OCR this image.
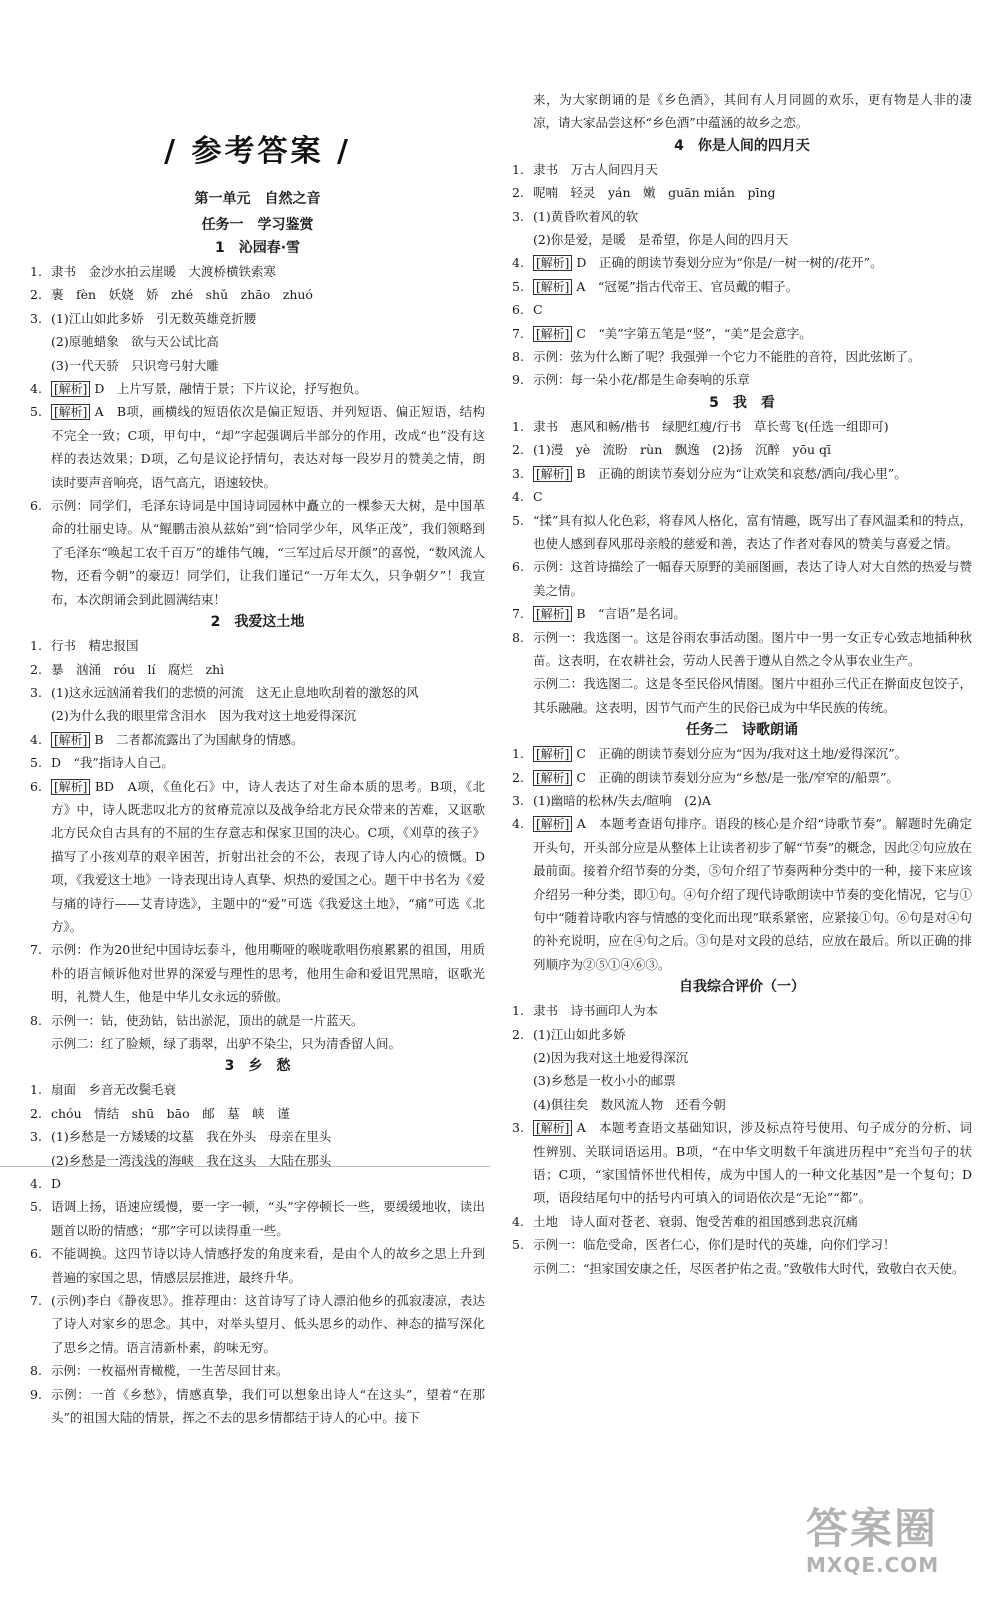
/ 参考答案 /
第一单元　自然之音
任务一　学习鉴赏
1　沁园春·雪
1. 隶书　金沙水拍云崖暖　大渡桥横铁索寒
2. 裹　fèn　妖娆　娇　zhé　shǔ　zhāo　zhuó
3. (1)江山如此多娇　引无数英雄竞折腰
(2)原驰蜡象　欲与天公试比高
(3)一代天骄　只识弯弓射大雕
4.	[解析] D　上片写景，融情于景；下片议论，抒写抱负。
5.	[解析] A　B项，画横线的短语依次是偏正短语、并列短语、偏正短语，结构不完全一致；C项，甲句中，“却”字起强调后半部分的作用，改成“也”没有这样的表达效果；D项，乙句是议论抒情句，表达对每一段岁月的赞美之情，朗读时要声音响亮，语气高亢，语速较快。
6. 示例：同学们，毛泽东诗词是中国诗词园林中矗立的一棵参天大树，是中国革命的壮丽史诗。从“鲲鹏击浪从兹始”到“恰同学少年，风华正茂”，我们领略到了毛泽东“唤起工农千百万”的雄伟气魄，“三军过后尽开颜”的喜悦，“数风流人物，还看今朝”的豪迈！同学们，让我们谨记“一万年太久，只争朝夕”！我宣布，本次朗诵会到此圆满结束！
2　我爱这土地
1. 行书　精忠报国
2. 暴　汹涌　róu　lí　腐烂　zhì
3. (1)这永远汹涌着我们的悲愤的河流　这无止息地吹刮着的激怒的风
(2)为什么我的眼里常含泪水　因为我对这土地爱得深沉
4.	[解析] B　二者都流露出了为国献身的情感。
5. D　“我”指诗人自己。
6.	[解析] BD　A项，《鱼化石》中，诗人表达了对生命本质的思考。B项，《北方》中，诗人既悲叹北方的贫瘠荒凉以及战争给北方民众带来的苦难，又讴歌北方民众自古具有的不屈的生存意志和保家卫国的决心。C项，《刈草的孩子》描写了小孩刈草的艰辛困苦，折射出社会的不公，表现了诗人内心的愤慨。D项，《我爱这土地》一诗表现出诗人真挚、炽热的爱国之心。题干中书名为《爱与痛的诗行——艾青诗选》，主题中的“爱”可选《我爱这土地》，“痛”可选《北方》。
7. 示例：作为20世纪中国诗坛泰斗，他用嘶哑的喉咙歌唱伤痕累累的祖国，用质朴的语言倾诉他对世界的深爱与理性的思考，他用生命和爱诅咒黑暗，讴歌光明，礼赞人生，他是中华儿女永远的骄傲。
8. 示例一：钻，使劲钻，钻出淤泥，顶出的就是一片蓝天。
示例二：红了脸颊，绿了翡翠，出驴不染尘，只为清香留人间。
3　乡　愁
1. 扇面　乡音无改鬓毛衰
2. chóu　情结　shū　bāo　邮　墓　峡　谨
3. (1)乡愁是一方矮矮的坟墓　我在外头　母亲在里头
(2)乡愁是一湾浅浅的海峡　我在这头　大陆在那头
4. D
5. 语调上扬，语速应缓慢，要一字一顿，“头”字停顿长一些，要缓缓地收，读出题首以盼的情感；“那”字可以读得重一些。
6. 不能调换。这四节诗以诗人情感抒发的角度来看，是由个人的故乡之思上升到普遍的家国之思，情感层层推进，最终升华。
7. (示例)李白《静夜思》。推荐理由：这首诗写了诗人漂泊他乡的孤寂凄凉，表达了诗人对家乡的思念。其中，对举头望月、低头思乡的动作、神态的描写深化了思乡之情。语言清新朴素，韵味无穷。
8. 示例：一枚福州青橄榄，一生苦尽回甘来。
9. 示例：一首《乡愁》，情感真挚，我们可以想象出诗人“在这头”，望着“在那头”的祖国大陆的情景，挥之不去的思乡情都结于诗人的心中。接下
来，为大家朗诵的是《乡色酒》，其间有人月同圆的欢乐，更有物是人非的凄凉，请大家品尝这杯“乡色酒”中蕴涵的故乡之恋。
4　你是人间的四月天
1. 隶书　万古人间四月天
2. 呢喃　轻灵　yán　嫩　guān miǎn　pīng
3. (1)黄昏吹着风的软
(2)你是爱，是暖　是希望，你是人间的四月天
4.	[解析] D　正确的朗读节奏划分应为“你是/一树一树的/花开”。
5.	[解析] A　“冠冕”指古代帝王、官员戴的帽子。
6. C
7.	[解析] C　“美”字第五笔是“竖”，“美”是会意字。
8. 示例：弦为什么断了呢？我强弹一个它力不能胜的音符，因此弦断了。
9. 示例：每一朵小花/都是生命奏响的乐章
5　我　看
1. 隶书　惠风和畅/楷书　绿肥红瘦/行书　草长莺飞(任选一组即可)
2. (1)漫　yè　流盼　rùn　飘逸　(2)扬　沉醉　yōu qī
3.	[解析] B　正确的朗读节奏划分应为“让欢笑和哀愁/洒向/我心里”。
4. C
5. “揉”具有拟人化色彩，将春风人格化，富有情趣，既写出了春风温柔和的特点，也使人感到春风那母亲般的慈爱和善，表达了作者对春风的赞美与喜爱之情。
6. 示例：这首诗描绘了一幅春天原野的美丽图画，表达了诗人对大自然的热爱与赞美之情。
7.	[解析] B　“言语”是名词。
8. 示例一：我选图一。这是谷雨农事活动图。图片中一男一女正专心致志地插种秋苗。这表明，在农耕社会，劳动人民善于遵从自然之令从事农业生产。
示例二：我选图二。这是冬至民俗风情图。图片中祖孙三代正在擀面皮包饺子，其乐融融。这表明，因节气而产生的民俗已成为中华民族的传统。
任务二　诗歌朗诵
1.	[解析] C　正确的朗读节奏划分应为“因为/我对这土地/爱得深沉”。
2.	[解析] C　正确的朗读节奏划分应为“乡愁/是一张/窄窄的/船票”。
3. (1)幽暗的松林/失去/暄响　(2)A
4.	[解析] A　本题考查语句排序。语段的核心是介绍“诗歌节奏”。解题时先确定开头句，开头部分应是从整体上让读者初步了解“节奏”的概念，因此②句应放在最前面。接着介绍节奏的分类，⑤句介绍了节奏两种分类中的一种，接下来应该介绍另一种分类，即①句。④句介绍了现代诗歌朗读中节奏的变化情况，它与①句中“随着诗歌内容与情感的变化而出现”联系紧密，应紧接①句。⑥句是对④句的补充说明，应在④句之后。③句是对文段的总结，应放在最后。所以正确的排列顺序为②⑤①④⑥③。
自我综合评价（一）
1. 隶书　诗书画印人为本
2. (1)江山如此多娇
(2)因为我对这土地爱得深沉
(3)乡愁是一枚小小的邮票
(4)俱往矣　数风流人物　还看今朝
3.	[解析] A　本题考查语文基础知识，涉及标点符号使用、句子成分的分析、词性辨别、关联词语运用。B项，“在中华文明数千年演进历程中”充当句子的状语；C项，“家国情怀世代相传，成为中国人的一种文化基因”是一个复句；D项，语段结尾句中的括号内可填入的词语依次是“无论”“都”。
4. 土地　诗人面对苍老、衰弱、饱受苦难的祖国感到悲哀沉痛
5. 示例一：临危受命，医者仁心，你们是时代的英雄，向你们学习！
示例二：“担家国安康之任，尽医者护佑之责。”致敬伟大时代，致敬白衣天使。
答案圈
MXQE.COM
